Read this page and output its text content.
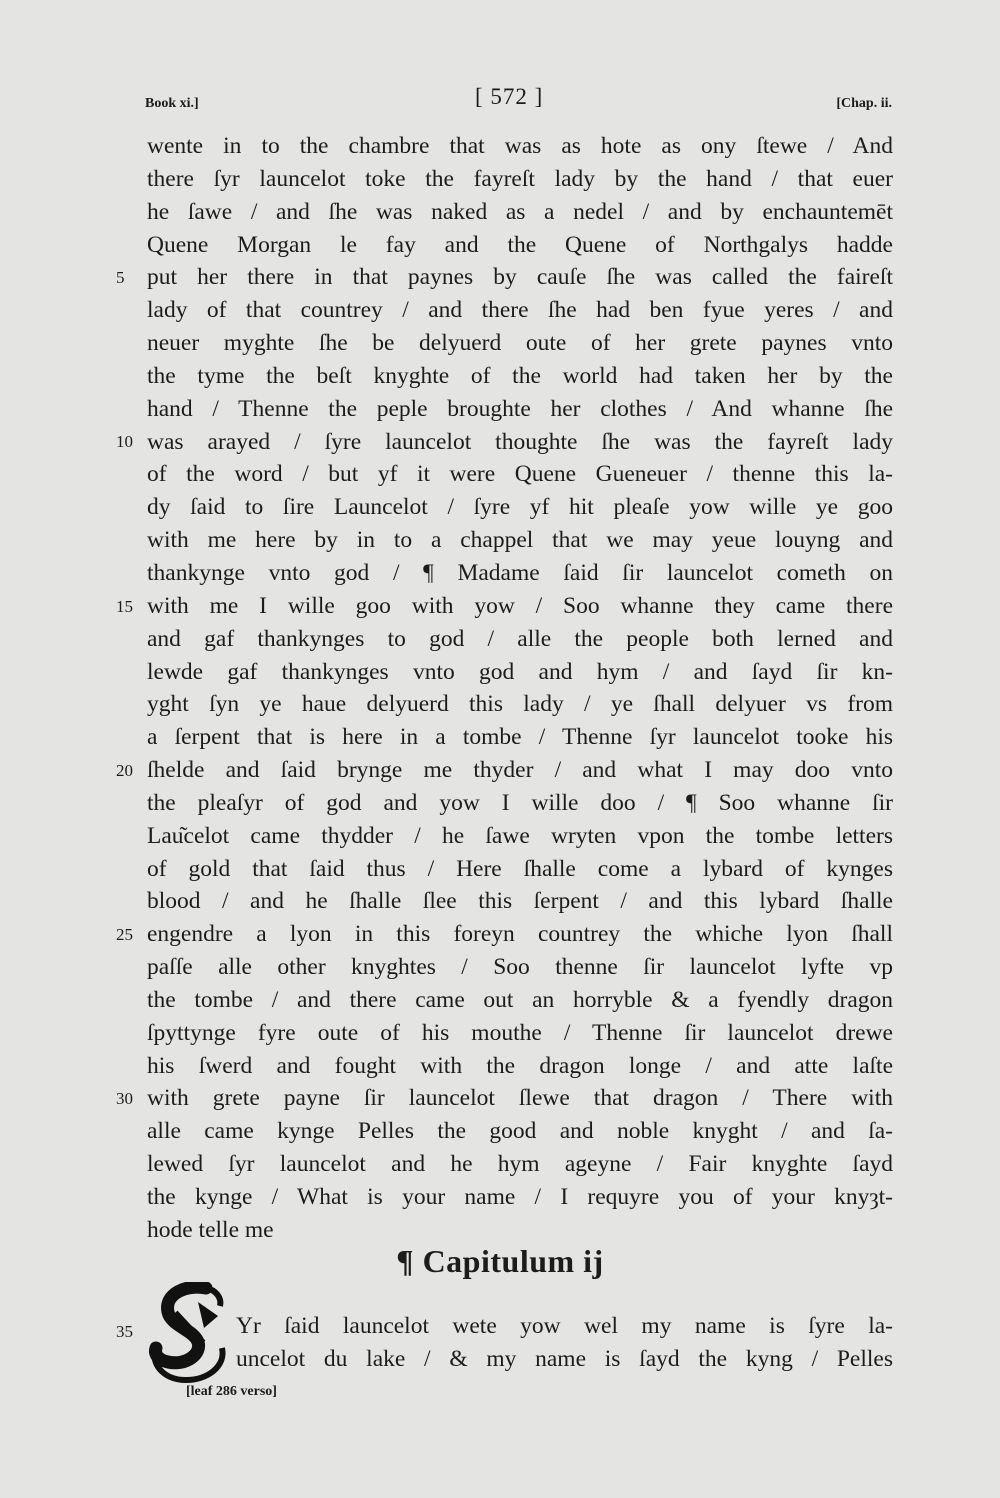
Book xi.]	[ 572 ]	[Chap. ii.
5
10
15
20
25
30
wente in to the chambre that was as hote as ony ſtewe / And
there ſyr launcelot toke the fayreſt lady by the hand / that euer
he ſawe / and ſhe was naked as a nedel / and by enchauntemēt
Quene Morgan le fay and the Quene of Northgalys hadde
put her there in that paynes by cauſe ſhe was called the faireſt
lady of that countrey / and there ſhe had ben fyue yeres / and
neuer myghte ſhe be delyuerd oute of her grete paynes vnto
the tyme the beſt knyghte of the world had taken her by the
hand / Thenne the peple broughte her clothes / And whanne ſhe
was arayed / ſyre launcelot thoughte ſhe was the fayreſt lady
of the word / but yf it were Quene Gueneuer / thenne this la-
dy ſaid to ſire Launcelot / ſyre yf hit pleaſe yow wille ye goo
with me here by in to a chappel that we may yeue louyng and
thankynge vnto god / ¶ Madame ſaid ſir launcelot cometh on
with me I wille goo with yow / Soo whanne they came there
and gaf thankynges to god / alle the people both lerned and
lewde gaf thankynges vnto god and hym / and ſayd ſir kn-
yght ſyn ye haue delyuerd this lady / ye ſhall delyuer vs from
a ſerpent that is here in a tombe / Thenne ſyr launcelot tooke his
ſhelde and ſaid brynge me thyder / and what I may doo vnto
the pleaſyr of god and yow I wille doo / ¶ Soo whanne ſir
Lau͂celot came thydder / he ſawe wryten vpon the tombe letters
of gold that ſaid thus / Here ſhalle come a lybard of kynges
blood / and he ſhalle ſlee this ſerpent / and this lybard ſhalle
engendre a lyon in this foreyn countrey the whiche lyon ſhall
paſſe alle other knyghtes / Soo thenne ſir launcelot lyfte vp
the tombe / and there came out an horryble & a fyendly dragon
ſpyttynge fyre oute of his mouthe / Thenne ſir launcelot drewe
his ſwerd and fought with the dragon longe / and atte laſte
with grete payne ſir launcelot ſlewe that dragon / There with
alle came kynge Pelles the good and noble knyght / and ſa-
lewed ſyr launcelot and he hym ageyne / Fair knyghte ſayd
the kynge / What is your name / I requyre you of your knyȝt-
hode telle me
¶ Capitulum ij
35	Yr ſaid launcelot wete yow wel my name is ſyre la-
uncelot du lake / & my name is ſayd the kyng / Pelles
[leaf 286 verso]
